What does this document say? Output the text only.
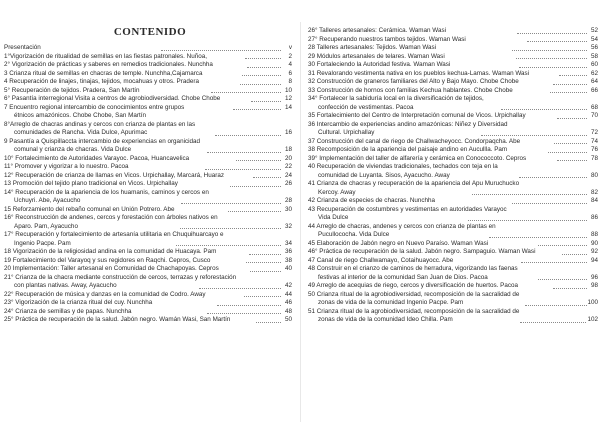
CONTENIDO
Presentación	v
1°Vigorización de ritualidad de semillas en las fiestas patronales. Nuñoa,	2
2° Vigorización de prácticas y saberes en remedios tradicionales. Nunchha	4
3 Crianza ritual de semillas en chacras de temple. Nunchha,Cajamarca	6
4 Recuperación de linajes, tinajas, tejidos, mocahuas y otros. Pradera	8
5° Recuperación de tejidos. Pradera, San Martín	10
6° Pasantía interregional Visita a centros de agrobiodiversidad. Chobe Chobe	12
7 Encuentro regional intercambio de conocimientos entre grupos	14
étnicos amazónicos. Chobe Chobe, San Martín
8°Arreglo de chacras andinas y cercos con crianza de plantas en las
comunidades de Rancha. Vida Dulce, Apurimac	16
9 Pasantía a Quispillaccta intercambio de experiencias en organicidad
comunal y crianza de chacras. Vida Dulce	18
10° Fortalecimiento de Autoridades Varayoc. Pacoa, Huancavelica	20
11° Promover y vigorizar a lo nuestro. Pacoa	22
12° Recuperación de crianza de llamas en Vicos. Urpichallay, Marcará, Huaraz	24
13 Promoción del tejido plano tradicional en Vicos. Urpichallay	26
14° Recuperación de la apariencia de los huamanis, caminos y cercos en
Uchuyri. Abe, Ayacucho	28
15 Reforzamiento del rebaño comunal en Unión Potrero. Abe	30
16° Reconstrucción de andenes, cercos y forestación con árboles nativos en
Aparo. Pam, Ayacucho	32
17° Recuperación y fortalecimiento de artesanía utilitaria en Chuquihuarcayo e
Ingenio Pacpe. Pam	34
18 Vigorización de la religiosidad andina en la comunidad de Huacaya. Pam	36
19 Fortalecimiento del Varayoq y sus regidores en Raqchi. Cepros, Cusco	38
20 Implementación: Taller artesanal en Comunidad de Chachapoyas. Cepros	40
21° Crianza de la chacra mediante construcción de cercos, terrazas y reforestación
con plantas nativas. Away, Ayacucho	42
22° Recuperación de música y danzas en la comunidad de Codro. Away	44
23° Vigorización de la crianza ritual del cuy. Nunchha	46
24° Crianza de semillas y de papas. Nunchha	48
25° Práctica de recuperación de la salud. Jabón negro. Wamán Wasi, San Martín	50
26° Talleres artesanales: Cerámica. Waman Wasi	52
27° Recuperando nuestros tambos tejidos. Waman Wasi	54
28 Talleres artesanales: Tejidos. Waman Wasi	56
29 Módulos artesanales de telares. Waman Wasi	58
30 Fortaleciendo la Autoridad festiva. Waman Wasi	60
31 Revalorando vestimenta nativa en los pueblos kechua-Lamas. Waman Wasi	62
32 Construcción de graneros familiares del Alto y Bajo Mayo. Chobe Chobe	64
33 Construcción de hornos con familias Kechua hablantes. Chobe Chobe	66
34° Fortalecer la sabiduría local en la diversificación de tejidos,
confección de vestimentas. Pacoa	68
35 Fortalecimiento del Centro de Interpretación comunal de Vicos. Urpichallay	70
36 Intercambio de experiencias andino amazónicas: Niñez y Diversidad
Cultural. Urpichallay	72
37 Construcción del canal de riego de Challwacheyocc. Condorpaqcha. Abe	74
38 Recomposición de la apariencia del paisaje andino en Aucullla. Pam	76
39° Implementación del taller de alfarería y cerámica en Conococcoto. Cepros	78
40 Recuperación de viviendas tradicionales, techados con teja en la
comunidad de Luyanta. Sisos, Ayacucho. Away	80
41 Crianza de chacras y recuperación de la apariencia del Apu Muruchucko
Kercoy. Away	82
42 Crianza de especies de chacras. Nunchha	84
43 Recuperación de costumbres y vestimentas en autoridades Varayoc
Vida Dulce	86
44 Arreglo de chacras, andenes y cercos con crianza de plantas en
Pucullococha. Vida Dulce	88
45 Elaboración de Jabón negro en Nuevo Paraíso. Waman Wasi	90
46° Práctica de recuperación de la salud. Jabón negro. Sampaguio. Waman Wasi	92
47 Canal de riego Challwamayo, Cotaihuayocc. Abe	94
48 Construir en el crianzo de caminos de herradura, vigorizando las faenas
festivas al interior de la comunidad San Juan de Dios. Pacoa	96
49 Arreglo de acequias de riego, cercos y diversificación de huertos. Pacoa	98
50 Crianza ritual de la agrobiodiversidad, recomposición de la sacralidad de
zonas de vida de la comunidad Ingenio Pacpe. Pam	100
51 Crianza ritual de la agrobiodiversidad, recomposición de la sacralidad de
zonas de vida de la comunidad Ideo Chilla. Pam	102
